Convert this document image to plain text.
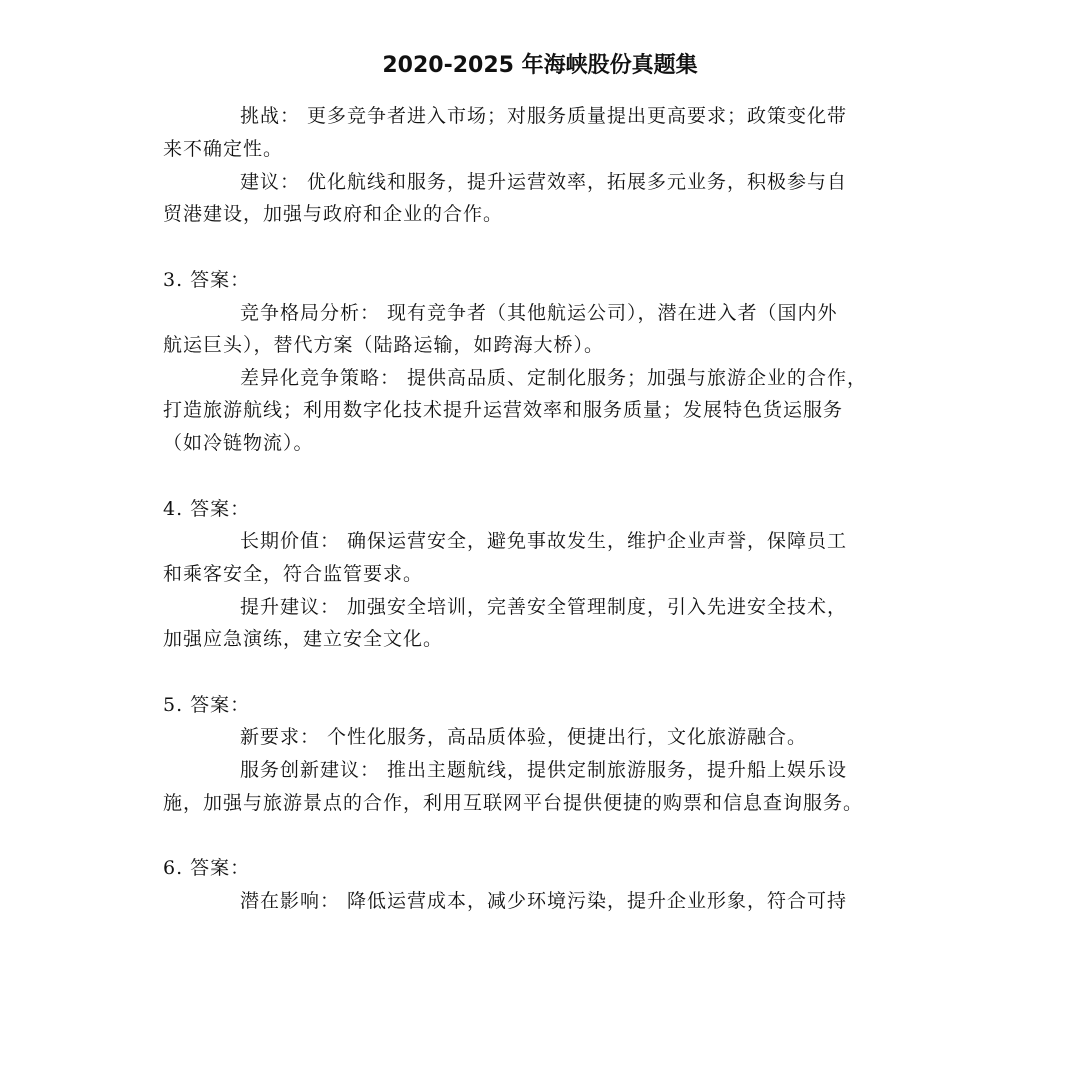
2020-2025 年海峡股份真题集
挑战： 更多竞争者进入市场；对服务质量提出更高要求；政策变化带
来不确定性。
建议： 优化航线和服务，提升运营效率，拓展多元业务，积极参与自
贸港建设，加强与政府和企业的合作。
3. 答案：
竞争格局分析： 现有竞争者（其他航运公司），潜在进入者（国内外
航运巨头），替代方案（陆路运输，如跨海大桥）。
差异化竞争策略： 提供高品质、定制化服务；加强与旅游企业的合作，
打造旅游航线；利用数字化技术提升运营效率和服务质量；发展特色货运服务
（如冷链物流）。
4. 答案：
长期价值： 确保运营安全，避免事故发生，维护企业声誉，保障员工
和乘客安全，符合监管要求。
提升建议： 加强安全培训，完善安全管理制度，引入先进安全技术，
加强应急演练，建立安全文化。
5. 答案：
新要求： 个性化服务，高品质体验，便捷出行，文化旅游融合。
服务创新建议： 推出主题航线，提供定制旅游服务，提升船上娱乐设
施，加强与旅游景点的合作，利用互联网平台提供便捷的购票和信息查询服务。
6. 答案：
潜在影响： 降低运营成本，减少环境污染，提升企业形象，符合可持
